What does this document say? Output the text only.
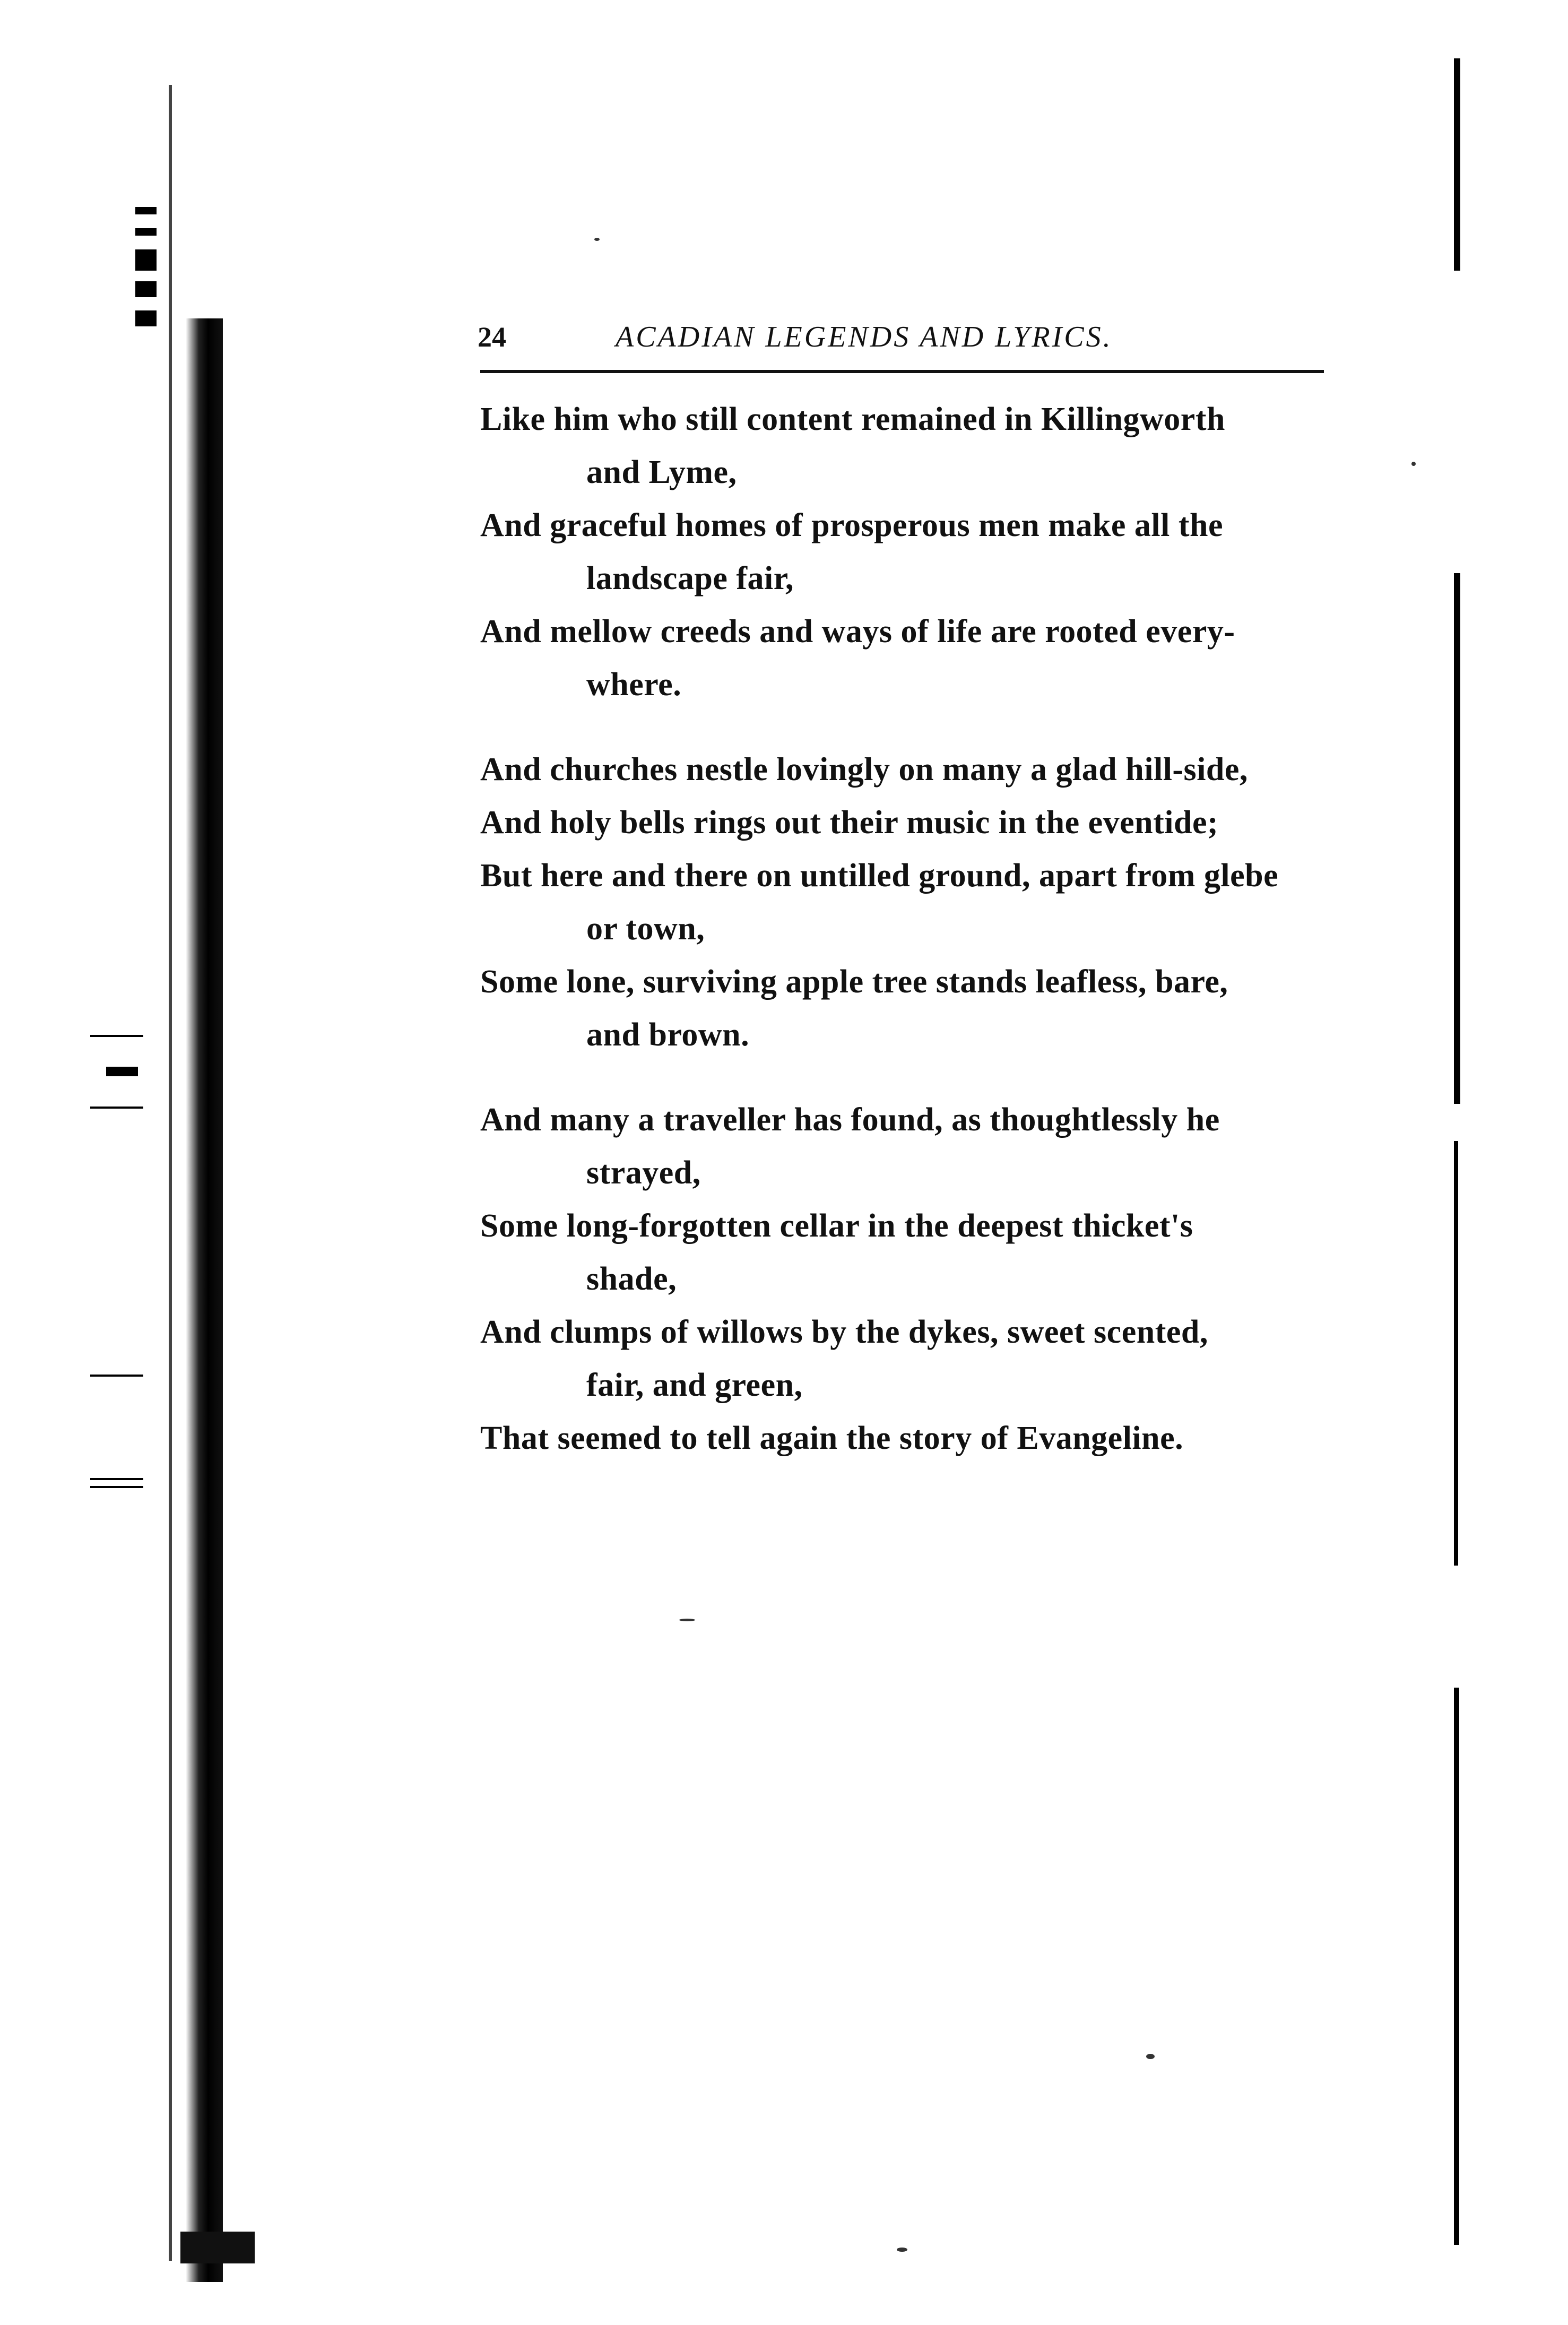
24	ACADIAN LEGENDS AND LYRICS.
Like him who still content remained in Killingworth
and Lyme,
And graceful homes of prosperous men make all the
landscape fair,
And mellow creeds and ways of life are rooted every-
where.
And churches nestle lovingly on many a glad hill-side,
And holy bells rings out their music in the eventide;
But here and there on untilled ground, apart from glebe
or town,
Some lone, surviving apple tree stands leafless, bare,
and brown.
And many a traveller has found, as thoughtlessly he
strayed,
Some long-forgotten cellar in the deepest thicket's
shade,
And clumps of willows by the dykes, sweet scented,
fair, and green,
That seemed to tell again the story of Evangeline.
